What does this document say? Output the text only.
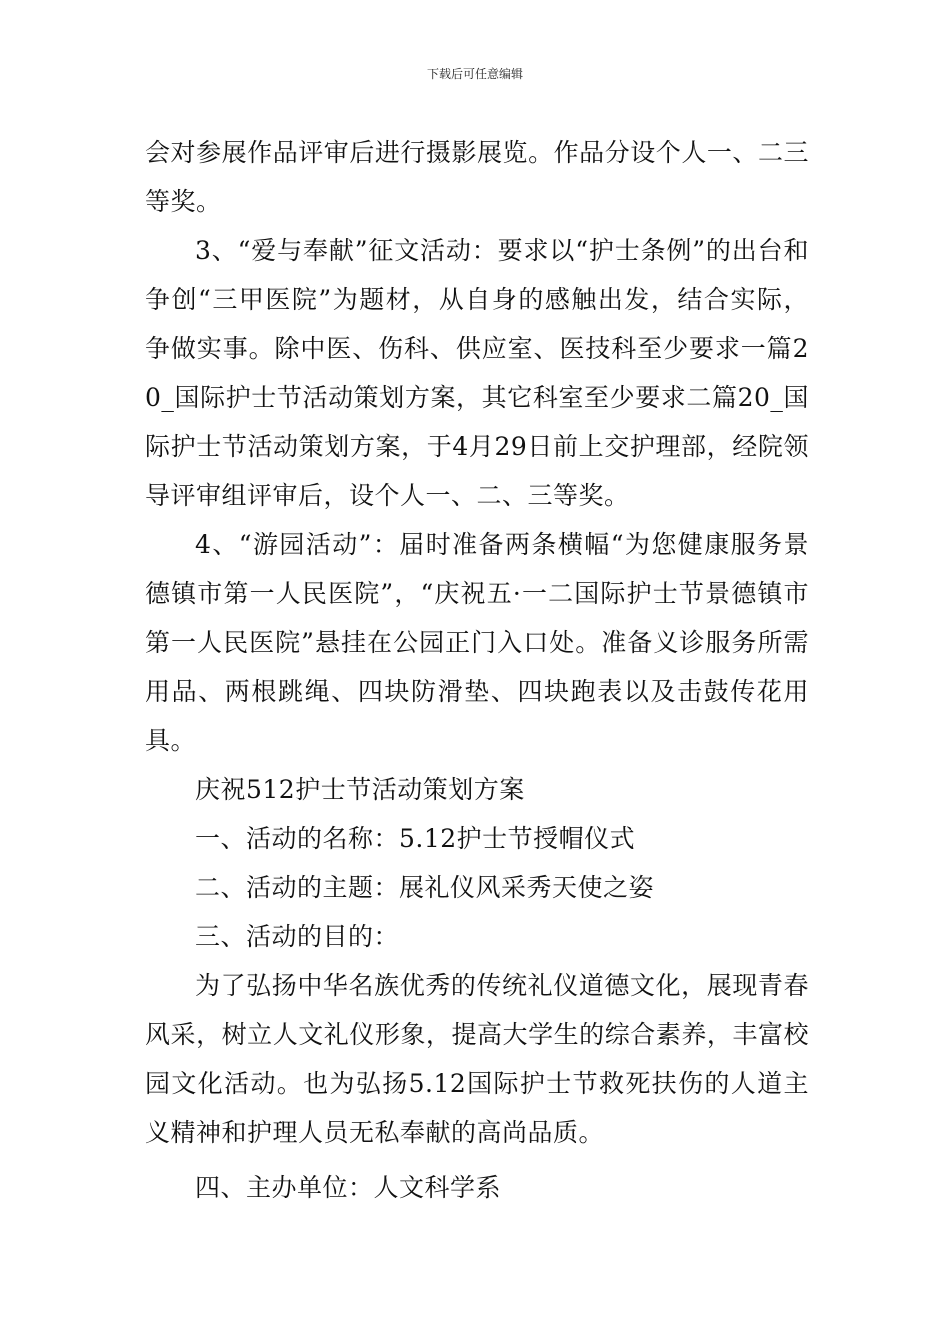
下载后可任意编辑

会对参展作品评审后进行摄影展览。作品分设个人一、二三等奖。

3、“爱与奉献”征文活动：要求以“护士条例”的出台和争创“三甲医院”为题材，从自身的感触出发，结合实际，争做实事。除中医、伤科、供应室、医技科至少要求一篇20_国际护士节活动策划方案，其它科室至少要求二篇20_国际护士节活动策划方案，于4月29日前上交护理部，经院领导评审组评审后，设个人一、二、三等奖。

4、“游园活动”：届时准备两条横幅“为您健康服务景德镇市第一人民医院”，“庆祝五·一二国际护士节景德镇市第一人民医院”悬挂在公园正门入口处。准备义诊服务所需用品、两根跳绳、四块防滑垫、四块跑表以及击鼓传花用具。

庆祝512护士节活动策划方案

一、活动的名称：5.12护士节授帽仪式

二、活动的主题：展礼仪风采秀天使之姿

三、活动的目的：

为了弘扬中华名族优秀的传统礼仪道德文化，展现青春风采，树立人文礼仪形象，提高大学生的综合素养，丰富校园文化活动。也为弘扬5.12国际护士节救死扶伤的人道主义精神和护理人员无私奉献的高尚品质。

四、主办单位：人文科学系
